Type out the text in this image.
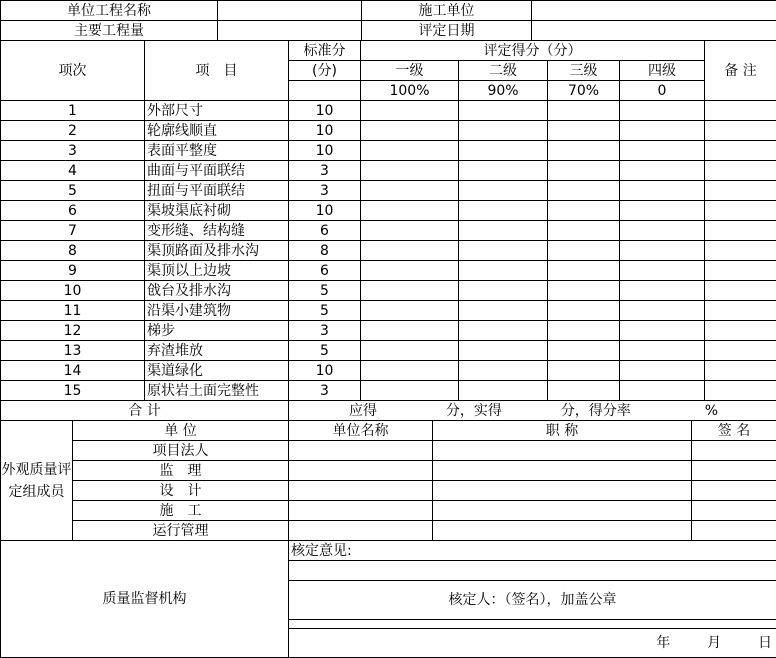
单位工程名称		施工单位	
主要工程量		评定日期	
项次	项　目	标准分	评定得分（分）				备 注
		(分)	一级	二级	三级	四级	
			100%	90%	70%	0	
1	外部尺寸	10					
2	轮廓线顺直	10					
3	表面平整度	10					
4	曲面与平面联结	3					
5	扭面与平面联结	3					
6	渠坡渠底衬砌	10					
7	变形缝、结构缝	6					
8	渠顶路面及排水沟	8					
9	渠顶以上边坡	6					
10	戗台及排水沟	5					
11	沿渠小建筑物	5					
12	梯步	3					
13	弃渣堆放	5					
14	渠道绿化	10					
15	原状岩土面完整性	3					
合 计		应得 分，实得 分，得分率 %					
外观质量评定组成员	单 位	单位名称	职 称	签 名
	项目法人			
	监　理			
	设　计			
	施　工			
	运行管理			
质量监督机构	核定意见:

核定人：（签名），加盖公章

年	月	日
